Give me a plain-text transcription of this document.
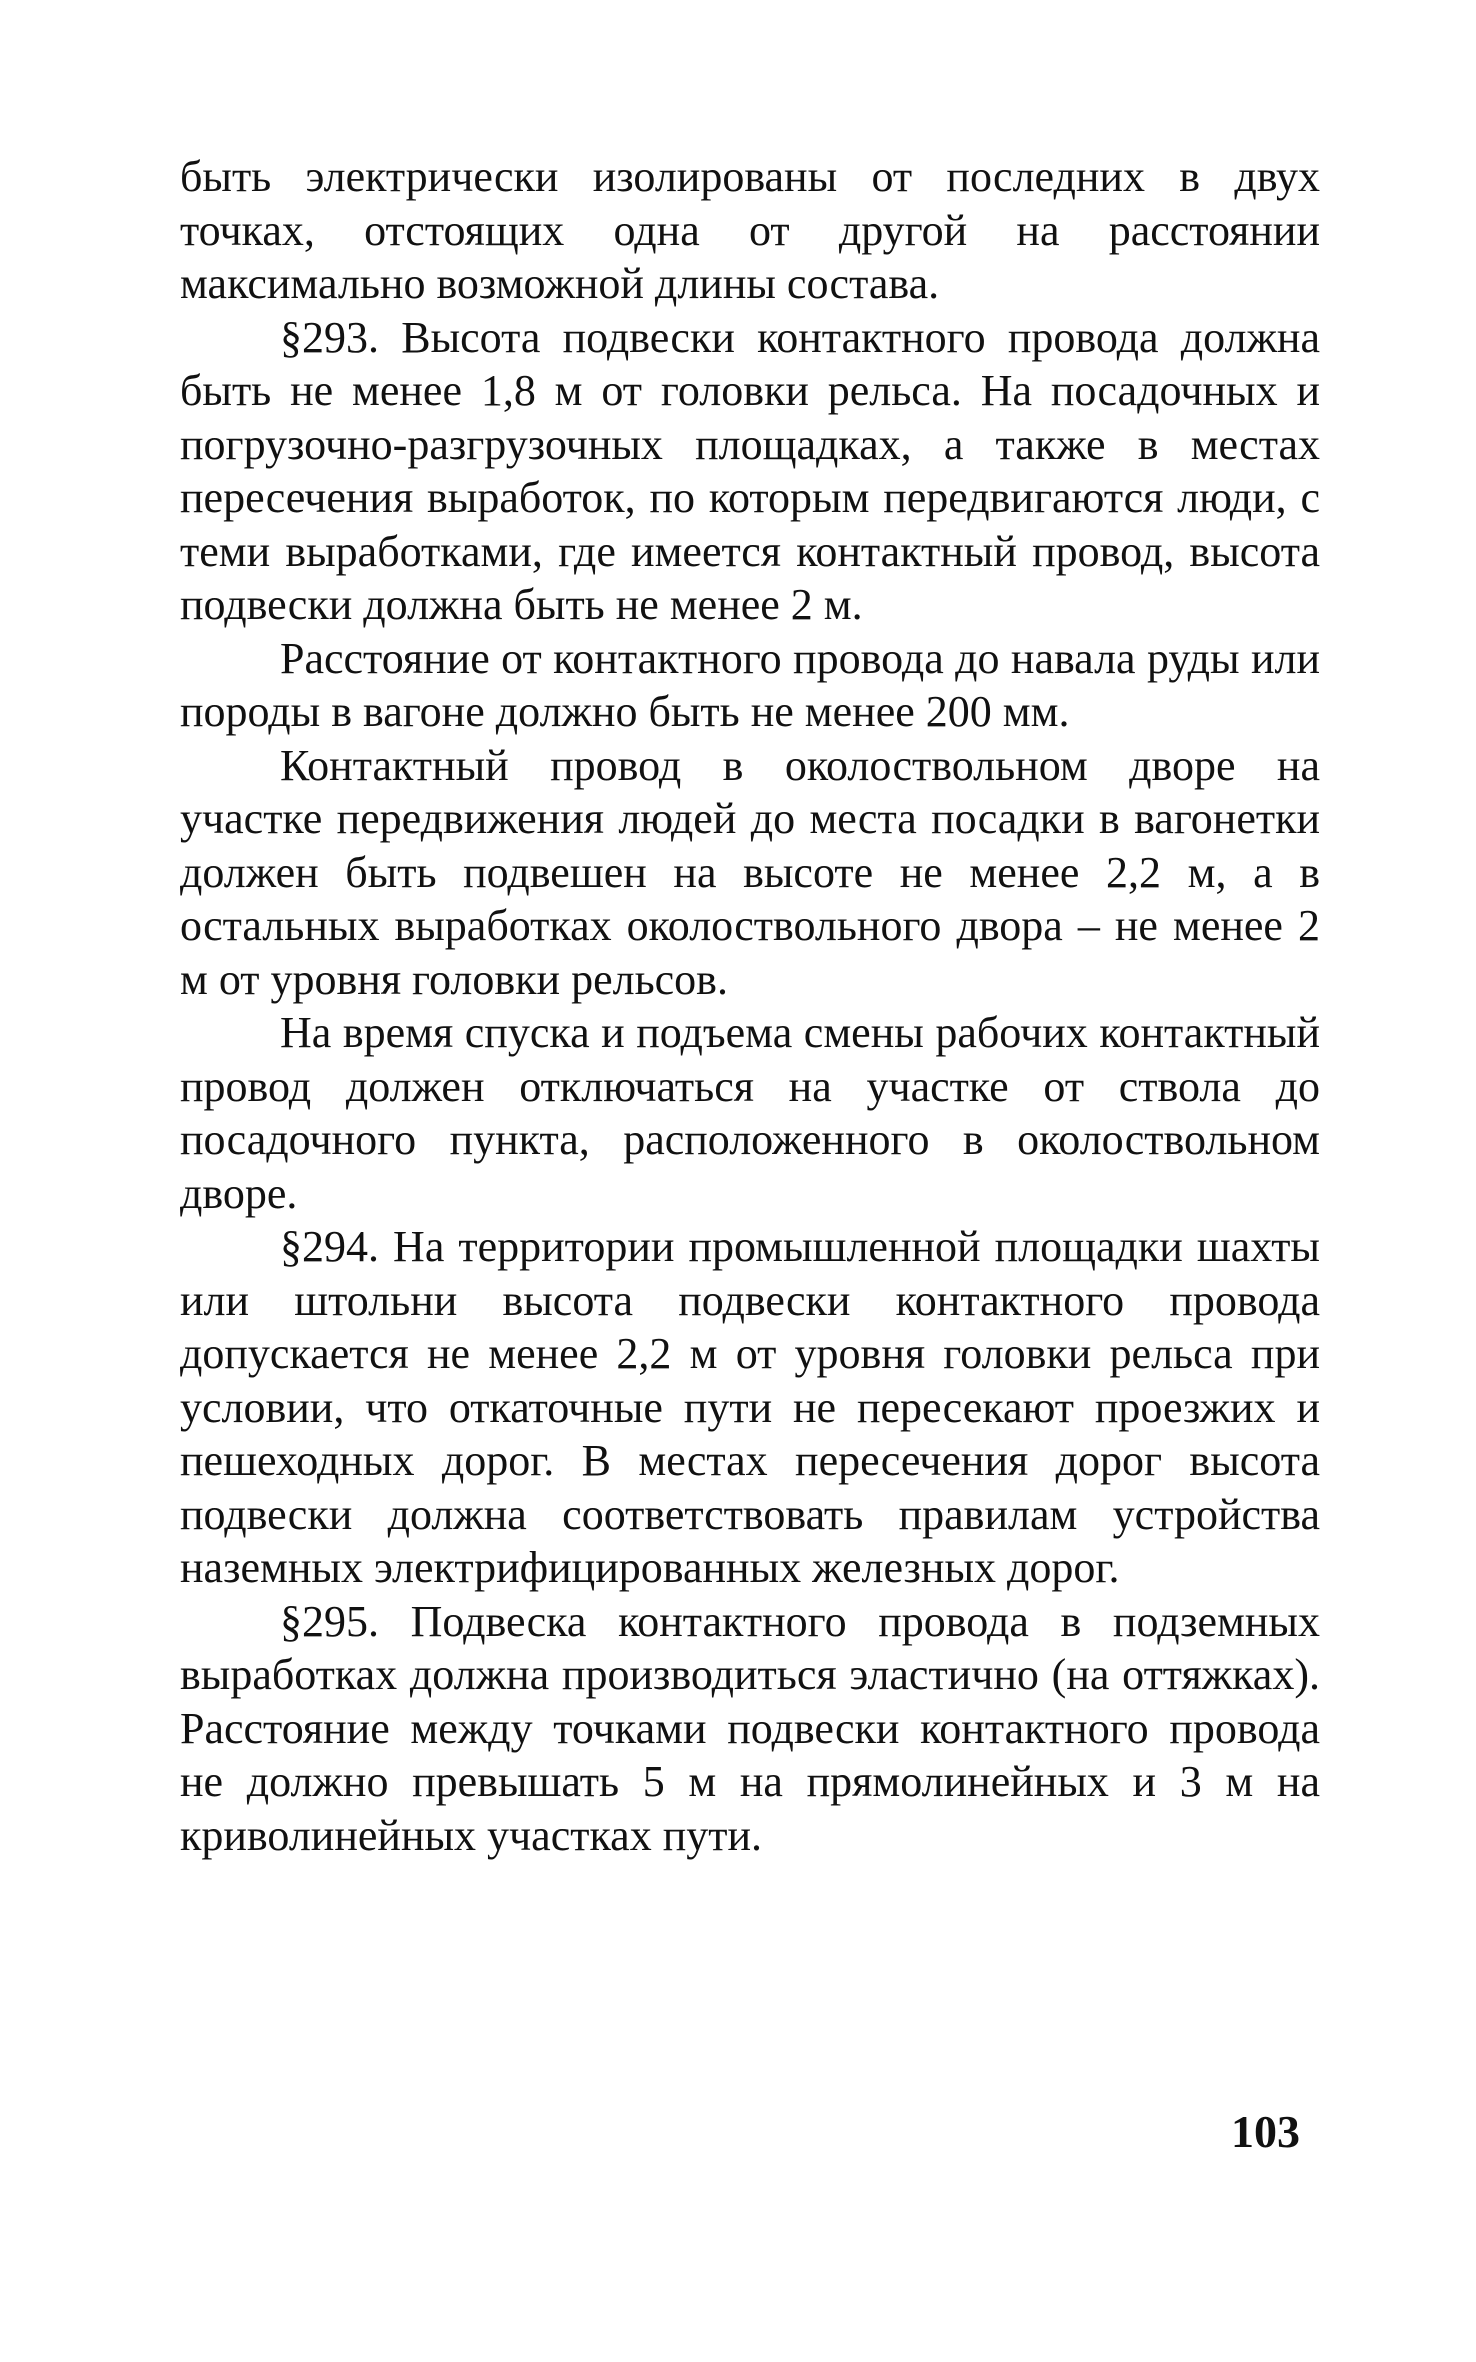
быть электрически изолированы от последних в двух точках, отстоящих одна от другой на расстоянии максимально возможной длины состава.

§293. Высота подвески контактного провода должна быть не менее 1,8 м от головки рельса. На посадочных и погрузочно-разгрузочных площадках, а также в местах пересечения выработок, по которым передвигаются люди, с теми выработками, где имеется контактный провод, высота подвески должна быть не менее 2 м.

Расстояние от контактного провода до навала руды или породы в вагоне должно быть не менее 200 мм.

Контактный провод в околоствольном дворе на участке передвижения людей до места посадки в вагонетки должен быть подвешен на высоте не менее 2,2 м, а в остальных выработках околоствольного двора – не менее 2 м от уровня головки рельсов.

На время спуска и подъема смены рабочих контактный провод должен отключаться на участке от ствола до посадочного пункта, расположенного в околоствольном дворе.

§294. На территории промышленной площадки шахты или штольни высота подвески контактного провода допускается не менее 2,2 м от уровня головки рельса при условии, что откаточные пути не пересекают проезжих и пешеходных дорог. В местах пересечения дорог высота подвески должна соответствовать правилам устройства наземных электрифицированных железных дорог.

§295. Подвеска контактного провода в подземных выработках должна производиться эластично (на оттяжках). Расстояние между точками подвески контактного провода не должно превышать 5 м на прямолинейных и 3 м на криволинейных участках пути.

103
